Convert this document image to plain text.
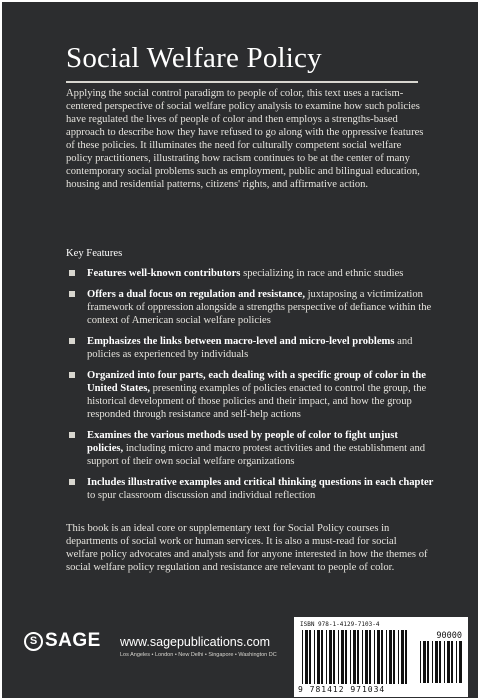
Social Welfare Policy
Applying the social control paradigm to people of color, this text uses a racism-centered perspective of social welfare policy analysis to examine how such policies have regulated the lives of people of color and then employs a strengths-based approach to describe how they have refused to go along with the oppressive features of these policies. It illuminates the need for culturally competent social welfare policy practitioners, illustrating how racism continues to be at the center of many contemporary social problems such as employment, public and bilingual education, housing and residential patterns, citizens' rights, and affirmative action.
Key Features
Features well-known contributors specializing in race and ethnic studies
Offers a dual focus on regulation and resistance, juxtaposing a victimization framework of oppression alongside a strengths perspective of defiance within the context of American social welfare policies
Emphasizes the links between macro-level and micro-level problems and policies as experienced by individuals
Organized into four parts, each dealing with a specific group of color in the United States, presenting examples of policies enacted to control the group, the historical development of those policies and their impact, and how the group responded through resistance and self-help actions
Examines the various methods used by people of color to fight unjust policies, including micro and macro protest activities and the establishment and support of their own social welfare organizations
Includes illustrative examples and critical thinking questions in each chapter to spur classroom discussion and individual reflection
This book is an ideal core or supplementary text for Social Policy courses in departments of social work or human services. It is also a must-read for social welfare policy advocates and analysts and for anyone interested in how the themes of social welfare policy regulation and resistance are relevant to people of color.
S SAGE www.sagepublications.com
Los Angeles • London • New Delhi • Singapore • Washington DC
ISBN 978-1-4129-7103-4
90000
9 781412 971034
